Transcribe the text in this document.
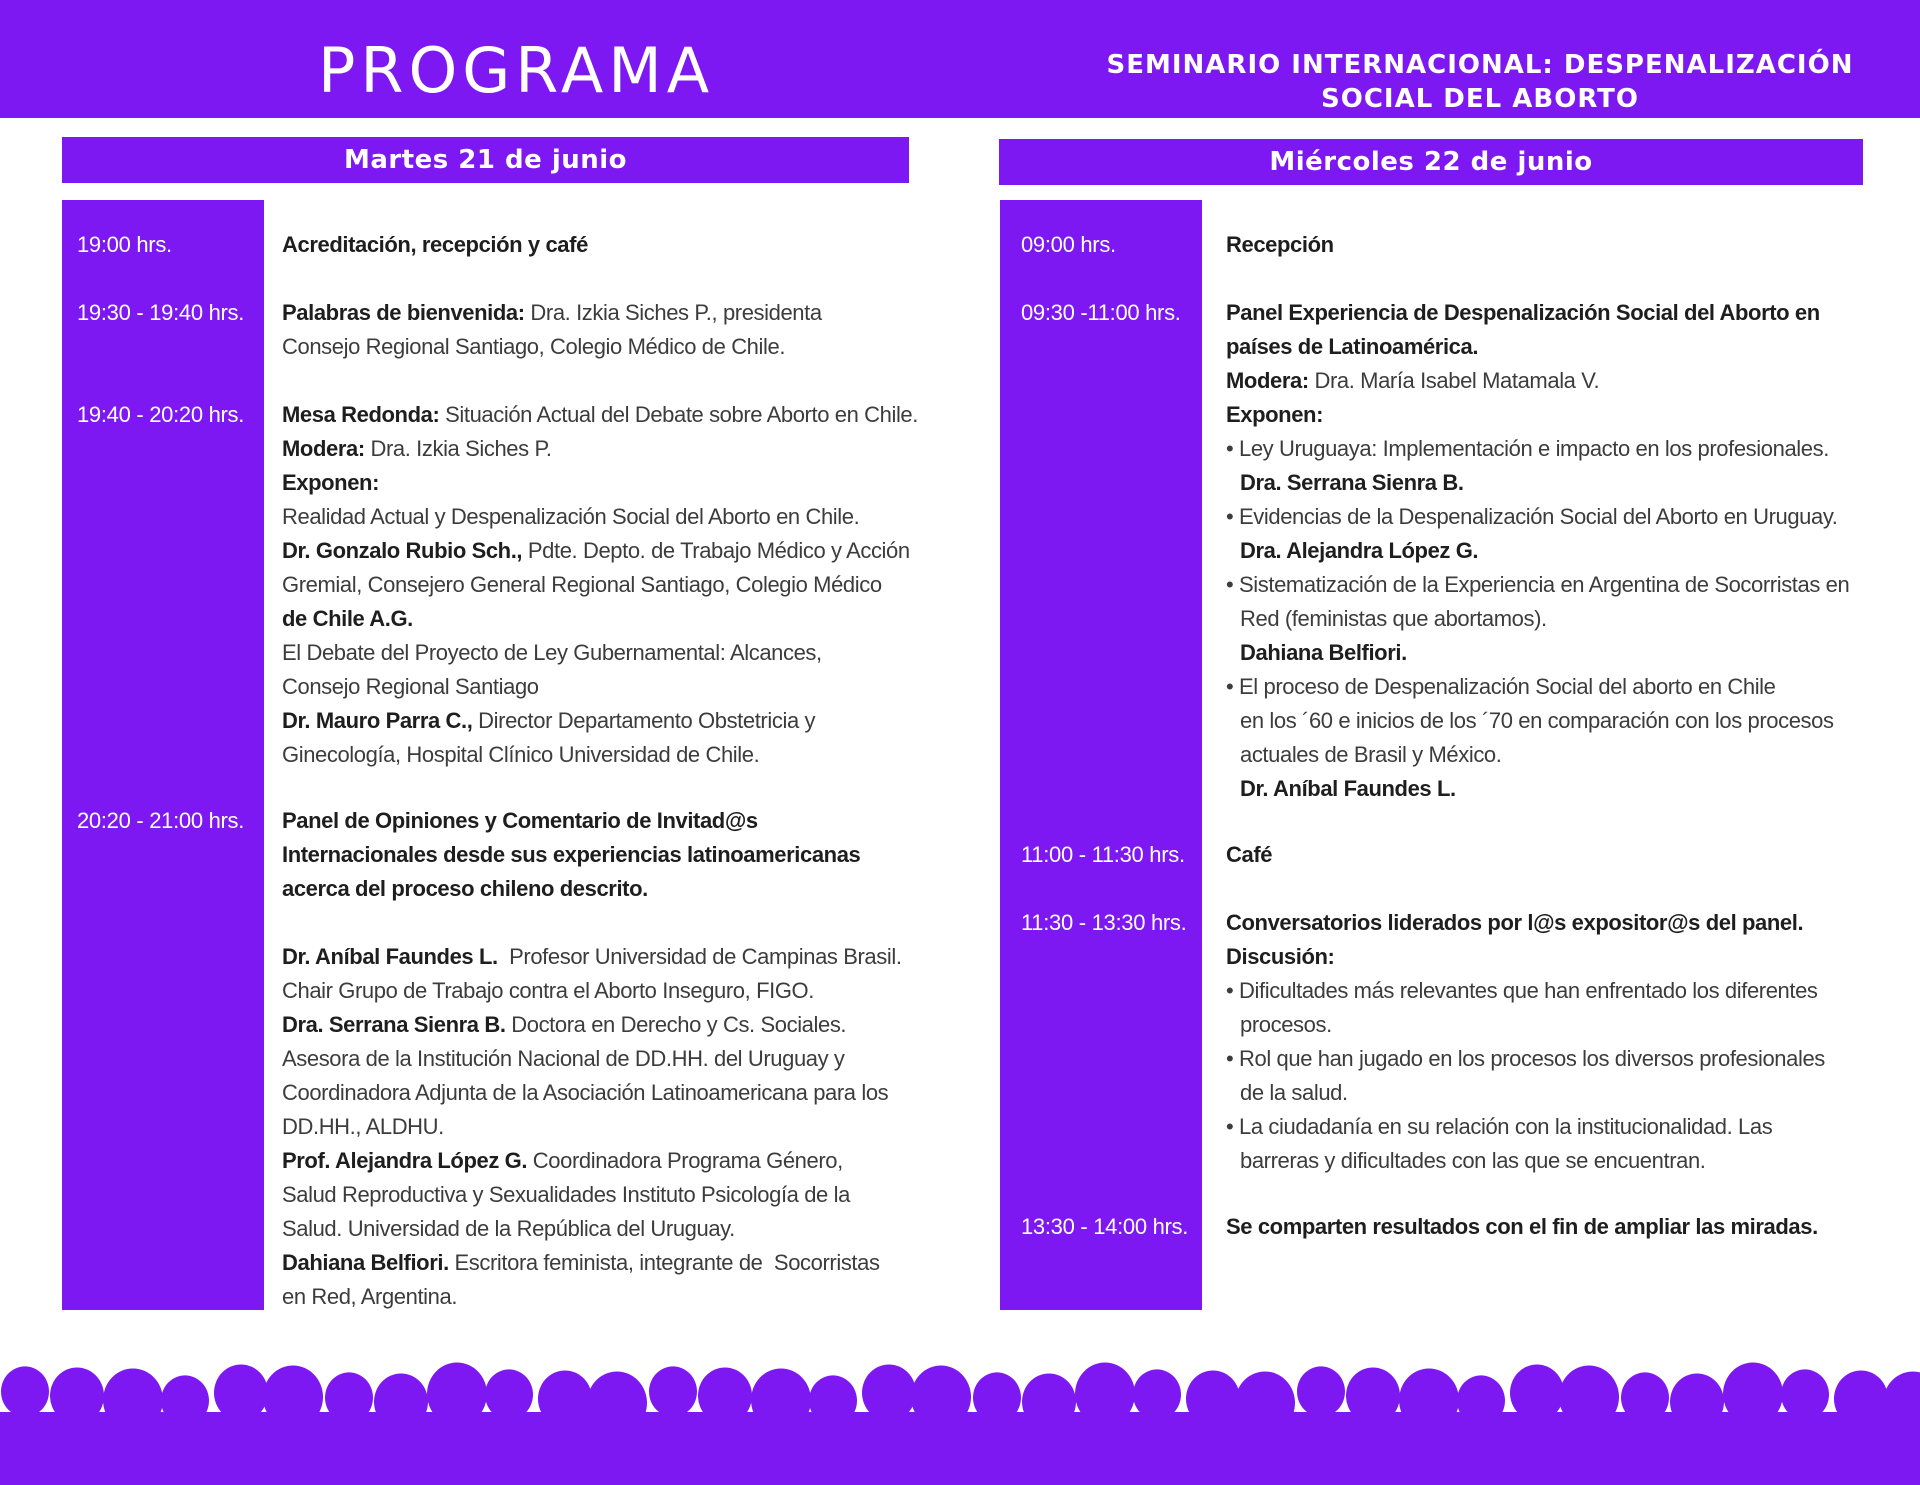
PROGRAMA	SEMINARIO INTERNACIONAL: DESPENALIZACIÓN
SOCIAL DEL ABORTO
Martes 21 de junio
19:00 hrs.	Acreditación, recepción y café

19:30 - 19:40 hrs. Palabras de bienvenida: Dra. Izkia Siches P., presidenta

Consejo Regional Santiago, Colegio Médico de Chile.

19:40 - 20:20 hrs. Mesa Redonda: Situación Actual del Debate sobre Aborto en Chile.

Modera: Dra. Izkia Siches P.

Exponen:

Realidad Actual y Despenalización Social del Aborto en Chile.

Dr. Gonzalo Rubio Sch., Pdte. Depto. de Trabajo Médico y Acción

Gremial, Consejero General Regional Santiago, Colegio Médico

de Chile A.G.

El Debate del Proyecto de Ley Gubernamental: Alcances,

Consejo Regional Santiago

Dr. Mauro Parra C., Director Departamento Obstetricia y

Ginecología, Hospital Clínico Universidad de Chile.

20:20 - 21:00 hrs. Panel de Opiniones y Comentario de Invitad@s

Internacionales desde sus experiencias latinoamericanas

acerca del proceso chileno descrito.

Dr. Aníbal Faundes L.  Profesor Universidad de Campinas Brasil.

Chair Grupo de Trabajo contra el Aborto Inseguro, FIGO.

Dra. Serrana Sienra B. Doctora en Derecho y Cs. Sociales.

Asesora de la Institución Nacional de DD.HH. del Uruguay y

Coordinadora Adjunta de la Asociación Latinoamericana para los

DD.HH., ALDHU.

Prof. Alejandra López G. Coordinadora Programa Género,

Salud Reproductiva y Sexualidades Instituto Psicología de la

Salud. Universidad de la República del Uruguay.

Dahiana Belfiori. Escritora feminista, integrante de  Socorristas

en Red, Argentina.

Miércoles 22 de junio
09:00 hrs.	Recepción

09:30 -11:00 hrs. Panel Experiencia de Despenalización Social del Aborto en

países de Latinoamérica.

Modera: Dra. María Isabel Matamala V.

Exponen:

• Ley Uruguaya: Implementación e impacto en los profesionales.

Dra. Serrana Sienra B.

• Evidencias de la Despenalización Social del Aborto en Uruguay.

Dra. Alejandra López G.

• Sistematización de la Experiencia en Argentina de Socorristas en

Red (feministas que abortamos).

Dahiana Belfiori.

• El proceso de Despenalización Social del aborto en Chile

en los ´60 e inicios de los ´70 en comparación con los procesos

actuales de Brasil y México.

Dr. Aníbal Faundes L.

11:00 - 11:30 hrs. Café

11:30 - 13:30 hrs. Conversatorios liderados por l@s expositor@s del panel.

Discusión:

• Dificultades más relevantes que han enfrentado los diferentes

procesos.

• Rol que han jugado en los procesos los diversos profesionales

de la salud.

• La ciudadanía en su relación con la institucionalidad. Las

barreras y dificultades con las que se encuentran.

13:30 - 14:00 hrs. Se comparten resultados con el fin de ampliar las miradas.
